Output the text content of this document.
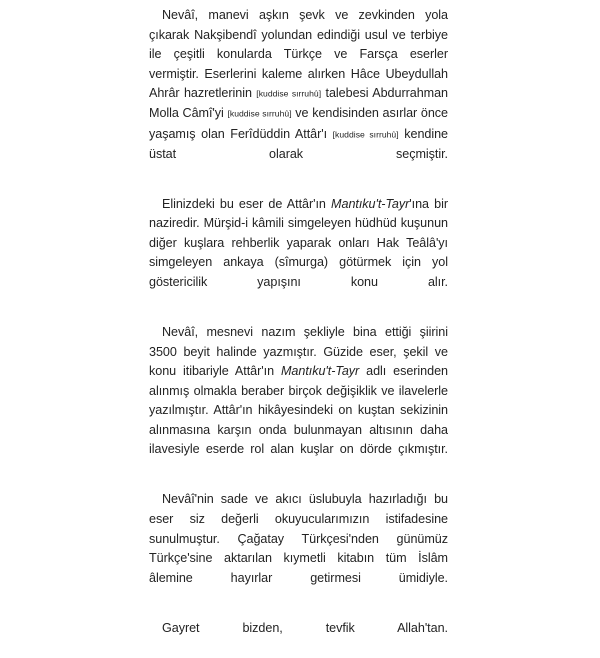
Nevâî, manevi aşkın şevk ve zevkinden yola çıkarak Nakşibendî yolundan edindiği usul ve terbiye ile çeşitli konularda Türkçe ve Farsça eserler vermiştir. Eserlerini kaleme alırken Hâce Ubeydullah Ahrâr hazretlerinin [kuddise sırruhû] talebesi Abdurrahman Molla Câmî'yi [kuddise sırruhû] ve kendisinden asırlar önce yaşamış olan Ferîdüddin Attâr'ı [kuddise sırruhû] kendine üstat olarak seçmiştir.

Elinizdeki bu eser de Attâr'ın Mantıku't-Tayr'ına bir naziredir. Mürşid-i kâmili simgeleyen hüdhüd kuşunun diğer kuşlara rehberlik yaparak onları Hak Teâlâ'yı simgeleyen ankaya (sîmurga) götürmek için yol göstericilik yapışını konu alır.

Nevâî, mesnevi nazım şekliyle bina ettiği şiirini 3500 beyit halinde yazmıştır. Güzide eser, şekil ve konu itibariyle Attâr'ın Mantıku't-Tayr adlı eserinden alınmış olmakla beraber birçok değişiklik ve ilavelerle yazılmıştır. Attâr'ın hikâyesindeki on kuştan sekizinin alınmasına karşın onda bulunmayan altısının daha ilavesiyle eserde rol alan kuşlar on dörde çıkmıştır.

Nevâî'nin sade ve akıcı üslubuyla hazırladığı bu eser siz değerli okuyucularımızın istifadesine sunulmuştur. Çağatay Türkçesi'nden günümüz Türkçe'sine aktarılan kıymetli kitabın tüm İslâm âlemine hayırlar getirmesi ümidiyle.

Gayret bizden, tevfik Allah'tan.
